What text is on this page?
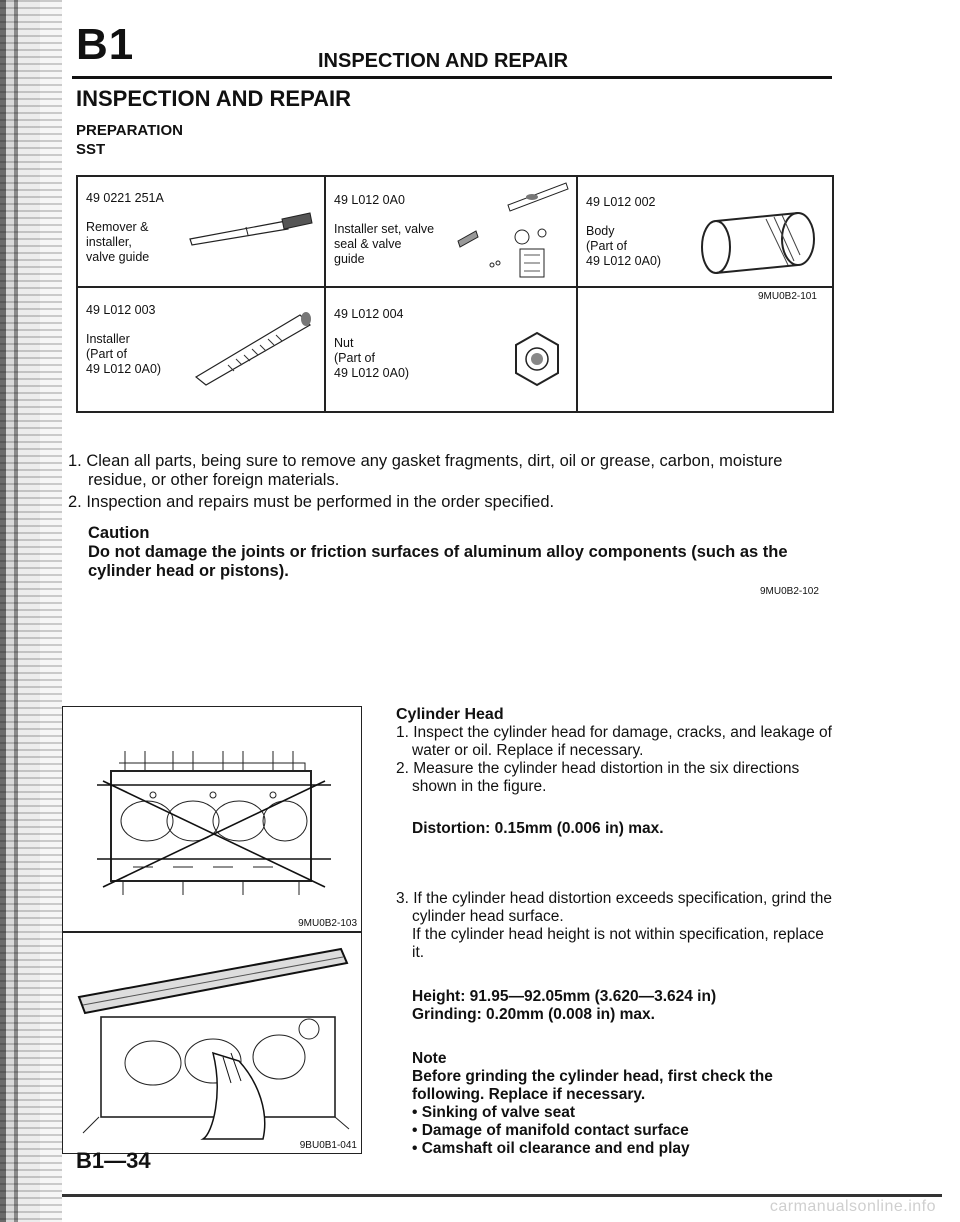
B1	INSPECTION AND REPAIR
INSPECTION AND REPAIR
PREPARATION
SST
49 0221 251A
Remover &
installer,
valve guide
49 L012 0A0
Installer set, valve
seal & valve
guide
49 L012 002
Body
(Part of
49 L012 0A0)
49 L012 003
Installer
(Part of
49 L012 0A0)
49 L012 004
Nut
(Part of
49 L012 0A0)
9MU0B2-101
1. Clean all parts, being sure to remove any gasket fragments, dirt, oil or grease, carbon, moisture residue, or other foreign materials.
2. Inspection and repairs must be performed in the order specified.
Caution
Do not damage the joints or friction surfaces of aluminum alloy components (such as the cylinder head or pistons).
9MU0B2-102
9MU0B2-103
9BU0B1-041
Cylinder Head
1. Inspect the cylinder head for damage, cracks, and leakage of water or oil. Replace if necessary.
2. Measure the cylinder head distortion in the six directions shown in the figure.
Distortion: 0.15mm (0.006 in) max.
3. If the cylinder head distortion exceeds specification, grind the cylinder head surface.
If the cylinder head height is not within specification, replace it.
Height: 91.95—92.05mm (3.620—3.624 in)
Grinding: 0.20mm (0.008 in) max.
Note
Before grinding the cylinder head, first check the following. Replace if necessary.
• Sinking of valve seat
• Damage of manifold contact surface
• Camshaft oil clearance and end play
B1—34
carmanualsonline.info
